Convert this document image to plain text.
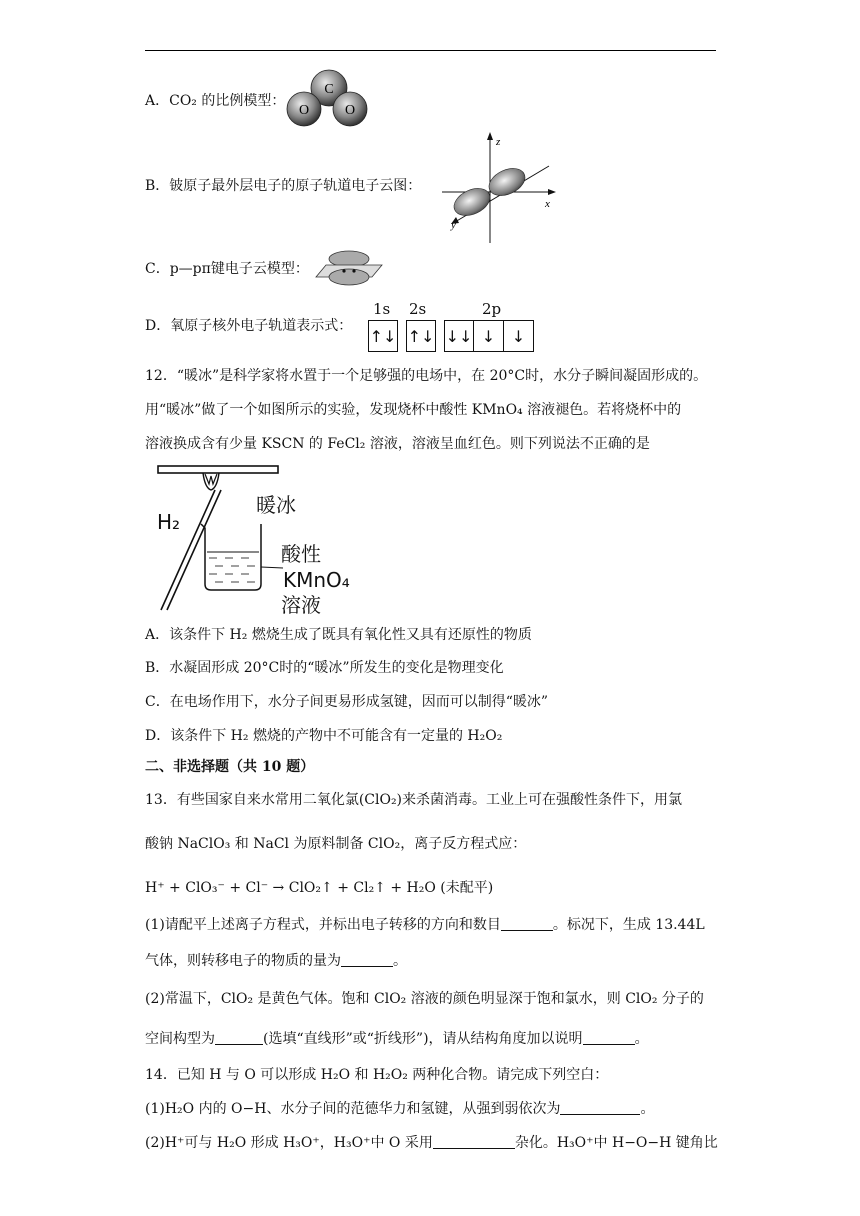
A．CO₂ 的比例模型：
C
O	O
B．铍原子最外层电子的原子轨道电子云图：
z
x
y
C．p—pπ键电子云模型：
D．氧原子核外电子轨道表示式：
1s
↑↓
2s
↑↓
2p
↓↓ ↓	↓
12．“暖冰”是科学家将水置于一个足够强的电场中，在 20°C时，水分子瞬间凝固形成的。
用“暖冰”做了一个如图所示的实验，发现烧杯中酸性 KMnO₄ 溶液褪色。若将烧杯中的
溶液换成含有少量 KSCN 的 FeCl₂ 溶液，溶液呈血红色。则下列说法不正确的是
H₂
暖冰
酸性
KMnO₄
溶液
A．该条件下 H₂ 燃烧生成了既具有氧化性又具有还原性的物质
B．水凝固形成 20°C时的“暖冰”所发生的变化是物理变化
C．在电场作用下，水分子间更易形成氢键，因而可以制得“暖冰”
D．该条件下 H₂ 燃烧的产物中不可能含有一定量的 H₂O₂
二、非选择题（共 10 题）
13．有些国家自来水常用二氧化氯(ClO₂)来杀菌消毒。工业上可在强酸性条件下，用氯
酸钠 NaClO₃ 和 NaCl 为原料制备 ClO₂，离子反方程式应：
H⁺ + ClO₃⁻ + Cl⁻ → ClO₂↑ + Cl₂↑ + H₂O (未配平)
(1)请配平上述离子方程式，并标出电子转移的方向和数目	。标况下，生成 13.44L
气体，则转移电子的物质的量为	。
(2)常温下，ClO₂ 是黄色气体。饱和 ClO₂ 溶液的颜色明显深于饱和氯水，则 ClO₂ 分子的
空间构型为	(选填“直线形”或“折线形”)，请从结构角度加以说明	。
14．已知 H 与 O 可以形成 H₂O 和 H₂O₂ 两种化合物。请完成下列空白：
(1)H₂O 内的 O−H、水分子间的范德华力和氢键，从强到弱依次为	。
(2)H⁺可与 H₂O 形成 H₃O⁺，H₃O⁺中 O 采用	杂化。H₃O⁺中 H−O−H 键角比
